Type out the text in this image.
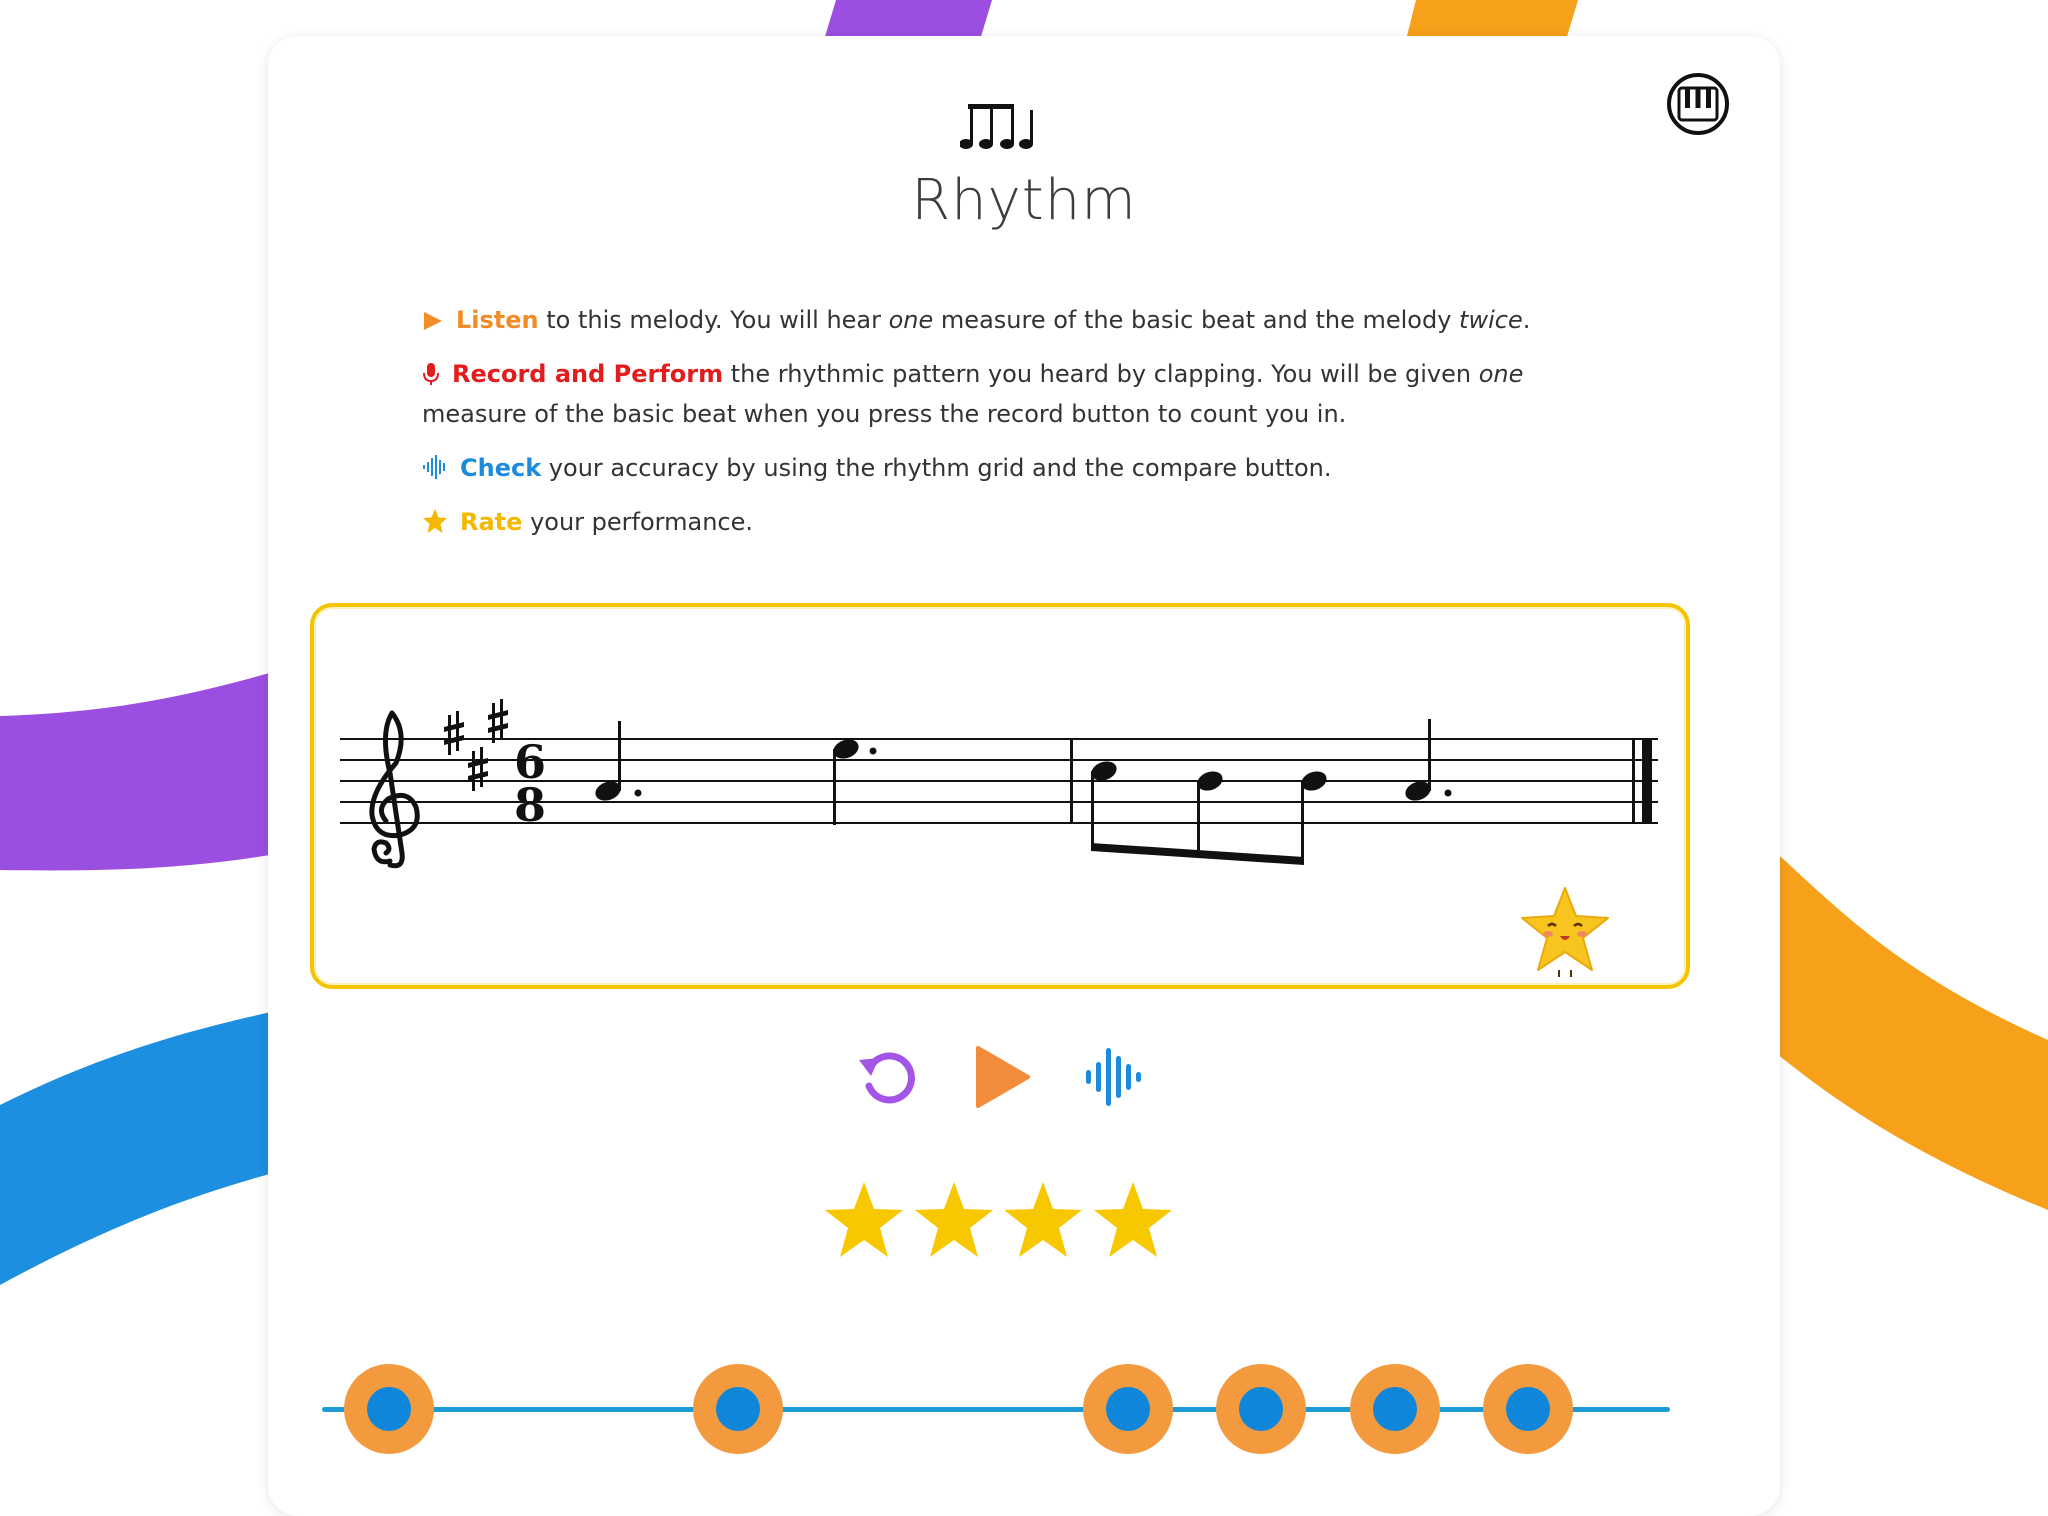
Rhythm
Listen to this melody. You will hear one measure of the basic beat and the melody twice.
Record and Perform the rhythmic pattern you heard by clapping. You will be given one measure of the basic beat when you press the record button to count you in.
Check your accuracy by using the rhythm grid and the compare button.
Rate your performance.
6
8
